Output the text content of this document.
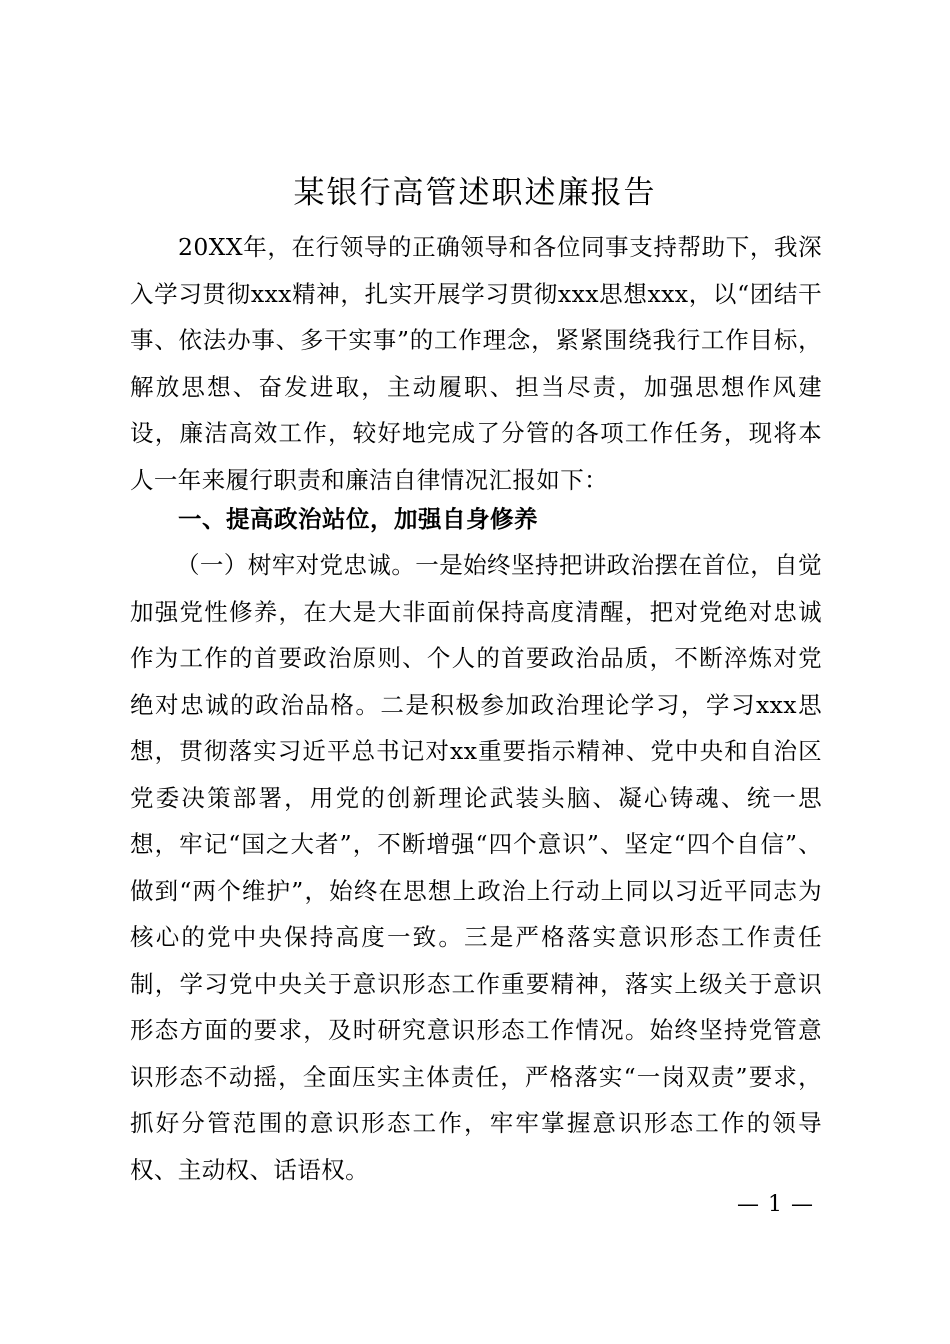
某银行高管述职述廉报告

20XX年，在行领导的正确领导和各位同事支持帮助下，我深入学习贯彻xxx精神，扎实开展学习贯彻xxx思想xxx，以“团结干事、依法办事、多干实事”的工作理念，紧紧围绕我行工作目标，解放思想、奋发进取，主动履职、担当尽责，加强思想作风建设，廉洁高效工作，较好地完成了分管的各项工作任务，现将本人一年来履行职责和廉洁自律情况汇报如下：

一、提高政治站位，加强自身修养

（一）树牢对党忠诚。一是始终坚持把讲政治摆在首位，自觉加强党性修养，在大是大非面前保持高度清醒，把对党绝对忠诚作为工作的首要政治原则、个人的首要政治品质，不断淬炼对党绝对忠诚的政治品格。二是积极参加政治理论学习，学习xxx思想，贯彻落实习近平总书记对xx重要指示精神、党中央和自治区党委决策部署，用党的创新理论武装头脑、凝心铸魂、统一思想，牢记“国之大者”，不断增强“四个意识”、坚定“四个自信”、做到“两个维护”，始终在思想上政治上行动上同以习近平同志为核心的党中央保持高度一致。三是严格落实意识形态工作责任制，学习党中央关于意识形态工作重要精神，落实上级关于意识形态方面的要求，及时研究意识形态工作情况。始终坚持党管意识形态不动摇，全面压实主体责任，严格落实“一岗双责”要求，抓好分管范围的意识形态工作，牢牢掌握意识形态工作的领导权、主动权、话语权。

— 1 —
